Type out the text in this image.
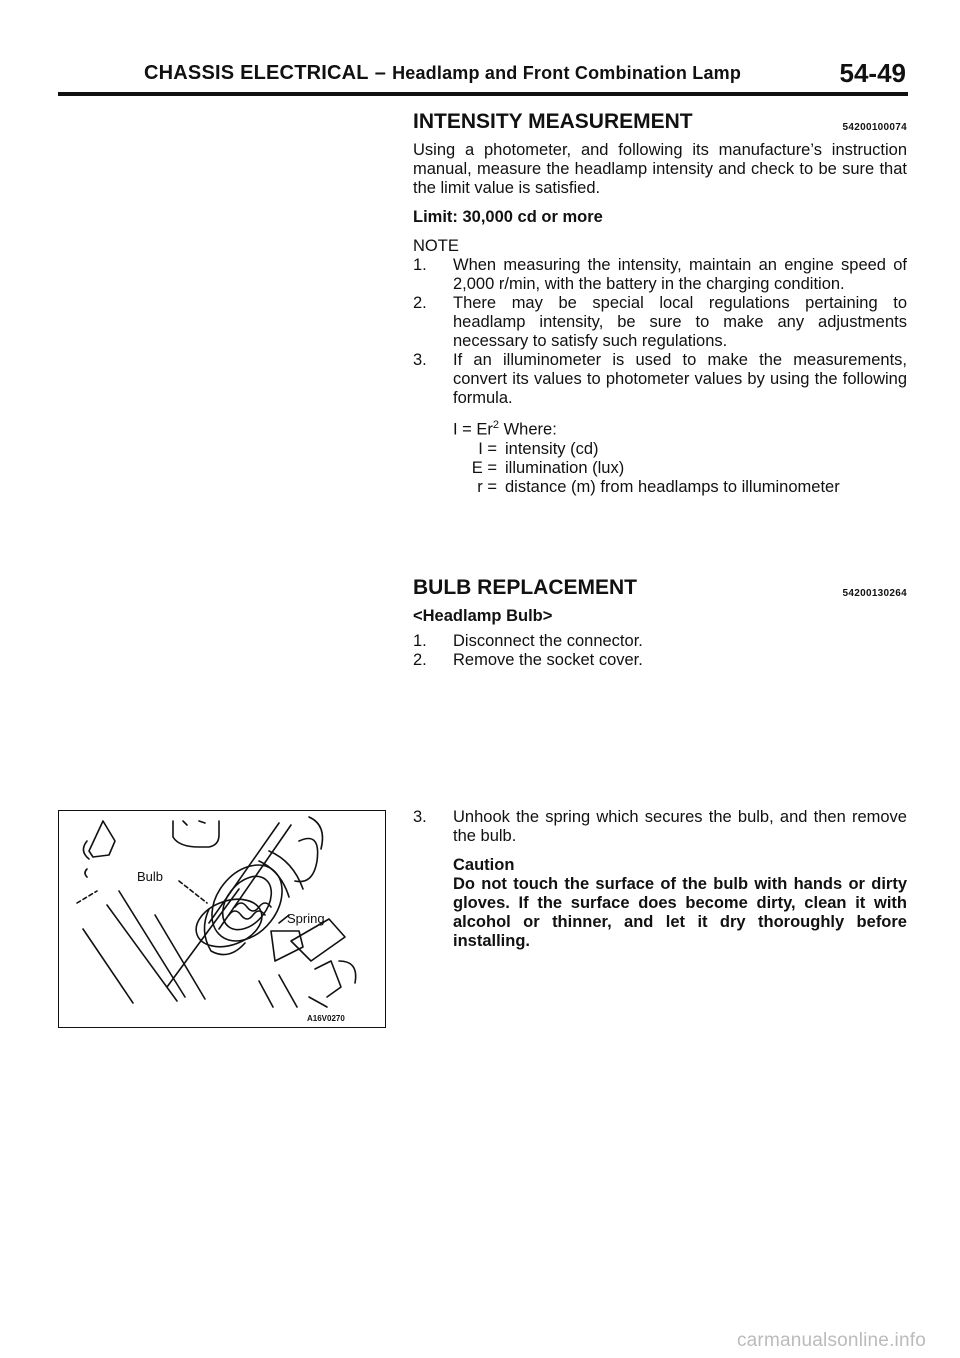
CHASSIS ELECTRICAL – Headlamp and Front Combination Lamp	54-49
INTENSITY MEASUREMENT	54200100074

Using a photometer, and following its manufacture’s instruction manual, measure the headlamp intensity and check to be sure that the limit value is satisfied.

Limit: 30,000 cd or more

NOTE

1. When measuring the intensity, maintain an engine speed of 2,000 r/min, with the battery in the charging condition.
2. There may be special local regulations pertaining to headlamp intensity, be sure to make any adjustments necessary to satisfy such regulations.
3. If an illuminometer is used to make the measurements, convert its values to photometer values by using the following formula.
$I = Er^2$ Where:
I = intensity (cd)
E = illumination (lux)
r = distance (m) from headlamps to illuminometer
BULB REPLACEMENT	54200130264

<Headlamp Bulb>

1. Disconnect the connector.
2. Remove the socket cover.
3. Unhook the spring which secures the bulb, and then remove the bulb.

Caution

Do not touch the surface of the bulb with hands or dirty gloves. If the surface does become dirty, clean it with alcohol or thinner, and let it dry thoroughly before installing.

Bulb
Spring
A16V0270
carmanualsonline.info
